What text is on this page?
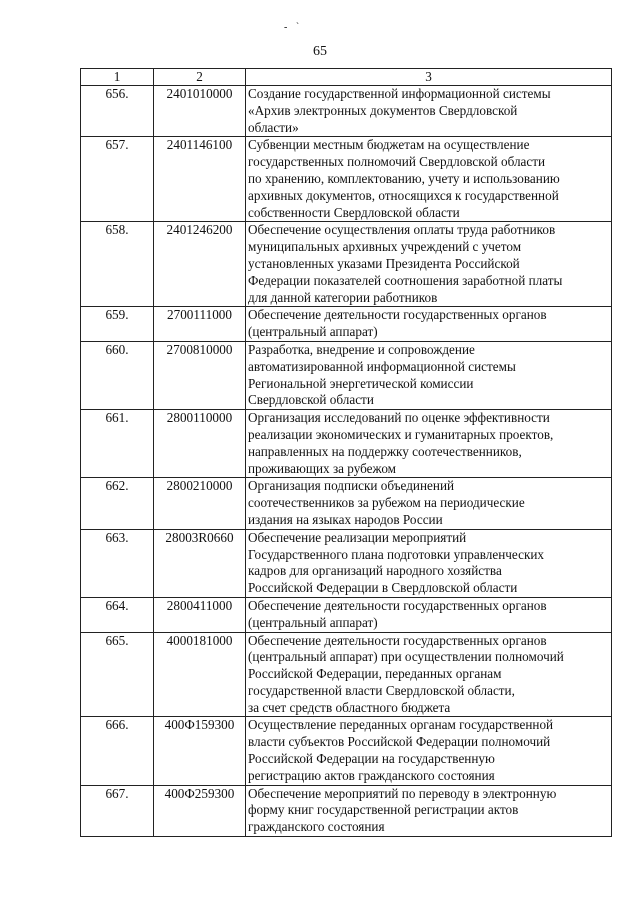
- `
65
1	2	3
656.	2401010000	Создание государственной информационной системы
«Архив электронных документов Свердловской
области»

657.	2401146100	Субвенции местным бюджетам на осуществление
государственных полномочий Свердловской области
по хранению, комплектованию, учету и использованию
архивных документов, относящихся к государственной
собственности Свердловской области

658.	2401246200	Обеспечение осуществления оплаты труда работников
муниципальных архивных учреждений с учетом
установленных указами Президента Российской
Федерации показателей соотношения заработной платы
для данной категории работников

659.	2700111000	Обеспечение деятельности государственных органов
(центральный аппарат)

660.	2700810000	Разработка, внедрение и сопровождение
автоматизированной информационной системы
Региональной энергетической комиссии
Свердловской области

661.	2800110000	Организация исследований по оценке эффективности
реализации экономических и гуманитарных проектов,
направленных на поддержку соотечественников,
проживающих за рубежом

662.	2800210000	Организация подписки объединений
соотечественников за рубежом на периодические
издания на языках народов России

663.	28003R0660	Обеспечение реализации мероприятий
Государственного плана подготовки управленческих
кадров для организаций народного хозяйства
Российской Федерации в Свердловской области

664.	2800411000	Обеспечение деятельности государственных органов
(центральный аппарат)

665.	4000181000	Обеспечение деятельности государственных органов
(центральный аппарат) при осуществлении полномочий
Российской Федерации, переданных органам
государственной власти Свердловской области,
за счет средств областного бюджета

666.	400Ф159300	Осуществление переданных органам государственной
власти субъектов Российской Федерации полномочий
Российской Федерации на государственную
регистрацию актов гражданского состояния

667.	400Ф259300	Обеспечение мероприятий по переводу в электронную
форму книг государственной регистрации актов
гражданского состояния
